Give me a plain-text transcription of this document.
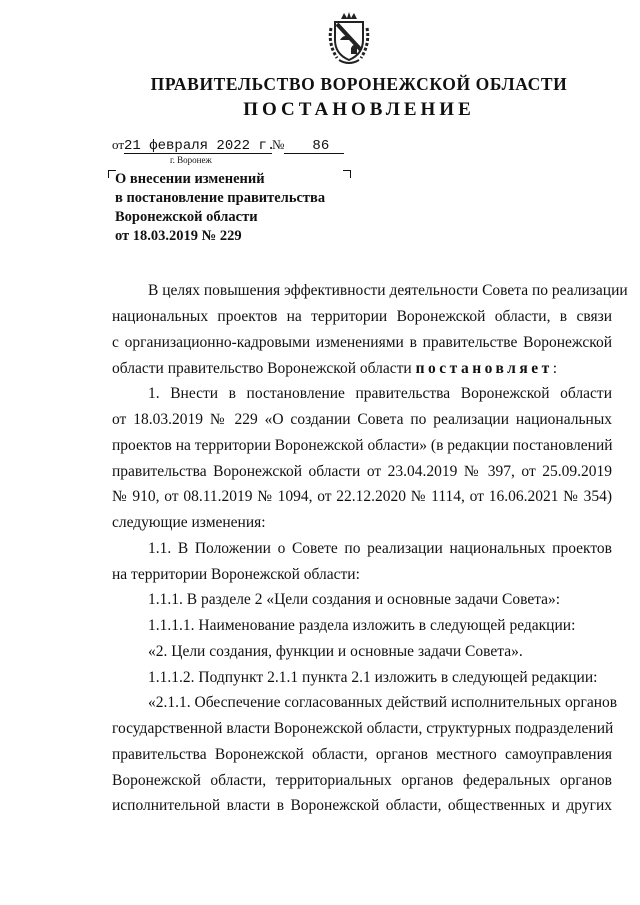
ПРАВИТЕЛЬСТВО ВОРОНЕЖСКОЙ ОБЛАСТИ
ПОСТАНОВЛЕНИЕ
от21 февраля 2022 г.№ 86
г. Воронеж
О внесении изменений
в постановление правительства
Воронежской области
от 18.03.2019 № 229
В целях повышения эффективности деятельности Совета по реализации
национальных проектов на территории Воронежской области, в связи
с организационно-кадровыми изменениями в правительстве Воронежской
области правительство Воронежской области постановляет:
1. Внести в постановление правительства Воронежской области
от 18.03.2019 № 229 «О создании Совета по реализации национальных
проектов на территории Воронежской области» (в редакции постановлений
правительства Воронежской области от 23.04.2019 № 397, от 25.09.2019
№ 910, от 08.11.2019 № 1094, от 22.12.2020 № 1114, от 16.06.2021 № 354)
следующие изменения:
1.1. В Положении о Совете по реализации национальных проектов
на территории Воронежской области:
1.1.1. В разделе 2 «Цели создания и основные задачи Совета»:
1.1.1.1. Наименование раздела изложить в следующей редакции:
«2. Цели создания, функции и основные задачи Совета».
1.1.1.2. Подпункт 2.1.1 пункта 2.1 изложить в следующей редакции:
«2.1.1. Обеспечение согласованных действий исполнительных органов
государственной власти Воронежской области, структурных подразделений
правительства Воронежской области, органов местного самоуправления
Воронежской области, территориальных органов федеральных органов
исполнительной власти в Воронежской области, общественных и других
